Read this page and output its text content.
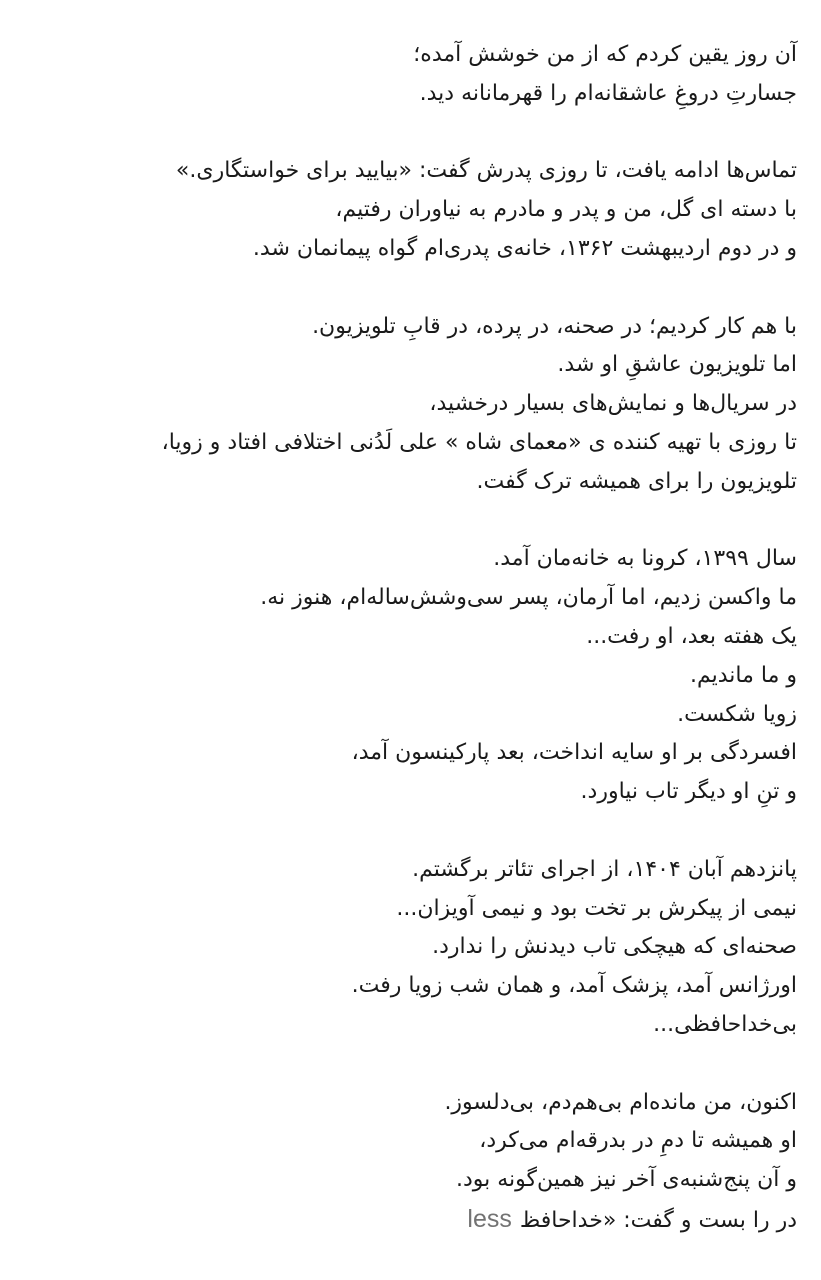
آن روز یقین کردم که از من خوشش آمده؛
جسارتِ دروغِ عاشقانه‌ام را قهرمانانه دید.
تماس‌ها ادامه یافت، تا روزی پدرش گفت: «بیایید برای خواستگاری.»
با دسته ای گل، من و پدر و مادرم به نیاوران رفتیم،
و در دوم اردیبهشت ۱۳۶۲، خانه‌ی پدری‌ام گواه پیمانمان شد.
با هم کار کردیم؛ در صحنه، در پرده، در قابِ تلویزیون.
اما تلویزیون عاشقِ او شد.
در سریال‌ها و نمایش‌های بسیار درخشید،
تا روزی با تهیه کننده ی «معمای شاه » علی لَدُنی اختلافی افتاد و زویا،
تلویزیون را برای همیشه ترک گفت.
سال ۱۳۹۹، کرونا به خانه‌مان آمد.
ما واکسن زدیم، اما آرمان، پسر سی‌وشش‌ساله‌ام، هنوز نه.
یک هفته بعد، او رفت...
و ما ماندیم.
زویا شکست.
افسردگی بر او سایه انداخت، بعد پارکینسون آمد،
و تنِ او دیگر تاب نیاورد.
پانزدهم آبان ۱۴۰۴، از اجرای تئاتر برگشتم.
نیمی از پیکرش بر تخت بود و نیمی آویزان...
صحنه‌ای که هیچکی تاب دیدنش را ندارد.
اورژانس آمد، پزشک آمد، و همان شب زویا رفت.
بی‌خداحافظی...
اکنون، من مانده‌ام بی‌هم‌دم، بی‌دلسوز.
او همیشه تا دمِ در بدرقه‌ام می‌کرد،
و آن پنج‌شنبه‌ی آخر نیز همین‌گونه بود.
در را بست و گفت: «خداحافظless
